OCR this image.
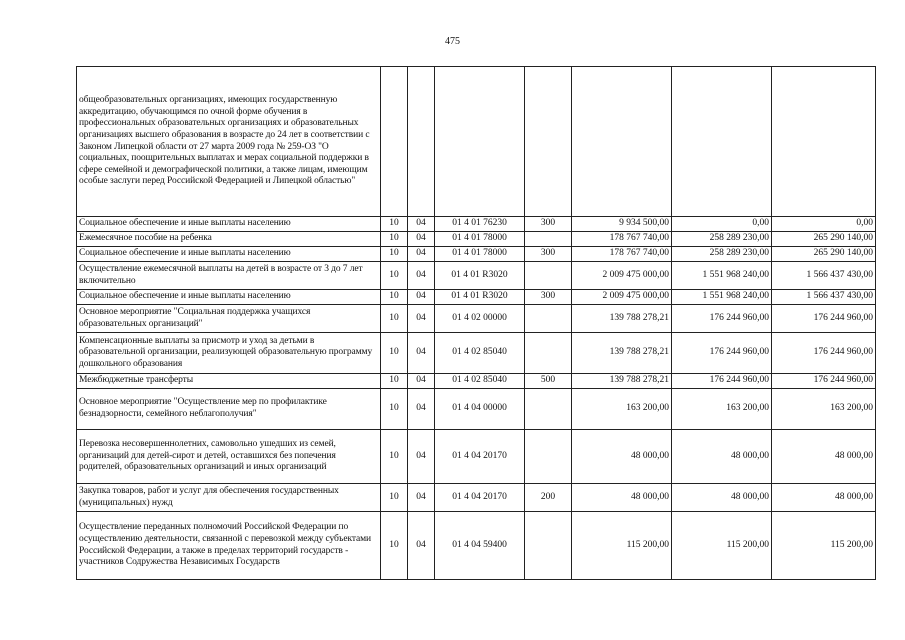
475
общеобразовательных организациях, имеющих государственную аккредитацию, обучающимся по очной форме обучения в профессиональных образовательных организациях и образовательных организациях высшего образования в возрасте до 24 лет в соответствии с Законом Липецкой области от 27 марта 2009 года № 259-ОЗ "О социальных, поощрительных выплатах и мерах социальной поддержки в сфере семейной и демографической политики, а также лицам, имеющим особые заслуги перед Российской Федерацией и Липецкой областью"							
Социальное обеспечение и иные выплаты населению	10	04	01 4 01 76230	300	9 934 500,00	0,00	0,00
Ежемесячное пособие на ребенка	10	04	01 4 01 78000		178 767 740,00	258 289 230,00	265 290 140,00
Социальное обеспечение и иные выплаты населению	10	04	01 4 01 78000	300	178 767 740,00	258 289 230,00	265 290 140,00
Осуществление ежемесячной выплаты на детей в возрасте от 3 до 7 лет включительно	10	04	01 4 01 R3020		2 009 475 000,00	1 551 968 240,00	1 566 437 430,00
Социальное обеспечение и иные выплаты населению	10	04	01 4 01 R3020	300	2 009 475 000,00	1 551 968 240,00	1 566 437 430,00
Основное мероприятие "Социальная поддержка учащихся образовательных организаций"	10	04	01 4 02 00000		139 788 278,21	176 244 960,00	176 244 960,00
Компенсационные выплаты за присмотр и уход за детьми в образовательной организации, реализующей образовательную программу дошкольного образования	10	04	01 4 02 85040		139 788 278,21	176 244 960,00	176 244 960,00
Межбюджетные трансферты	10	04	01 4 02 85040	500	139 788 278,21	176 244 960,00	176 244 960,00
Основное мероприятие "Осуществление мер по профилактике безнадзорности, семейного неблагополучия"	10	04	01 4 04 00000		163 200,00	163 200,00	163 200,00
Перевозка несовершеннолетних, самовольно ушедших из семей, организаций для детей-сирот и детей, оставшихся без попечения родителей, образовательных организаций и иных организаций	10	04	01 4 04 20170		48 000,00	48 000,00	48 000,00
Закупка товаров, работ и услуг для обеспечения государственных (муниципальных) нужд	10	04	01 4 04 20170	200	48 000,00	48 000,00	48 000,00
Осуществление переданных полномочий Российской Федерации по осуществлению деятельности, связанной с перевозкой между субъектами Российской Федерации, а также в пределах территорий государств - участников Содружества Независимых Государств	10	04	01 4 04 59400		115 200,00	115 200,00	115 200,00
